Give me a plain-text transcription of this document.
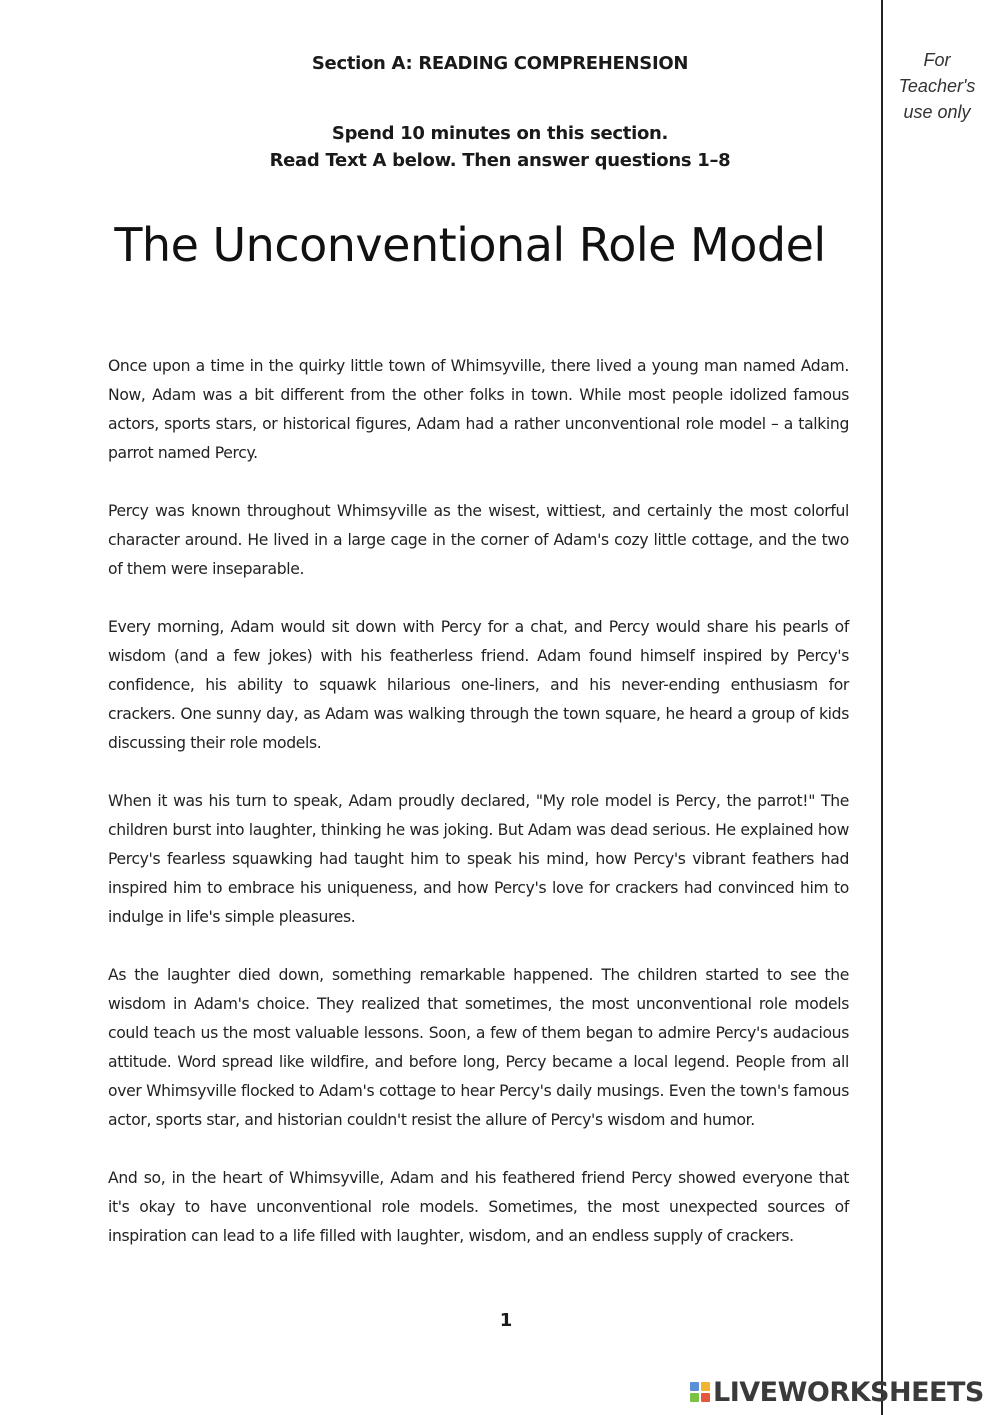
For
Teacher's
use only
Section A: READING COMPREHENSION
Spend 10 minutes on this section.
Read Text A below. Then answer questions 1–8
The Unconventional Role Model

Once upon a time in the quirky little town of Whimsyville, there lived a young man named Adam. Now, Adam was a bit different from the other folks in town. While most people idolized famous actors, sports stars, or historical figures, Adam had a rather unconventional role model – a talking parrot named Percy.

Percy was known throughout Whimsyville as the wisest, wittiest, and certainly the most colorful character around. He lived in a large cage in the corner of Adam's cozy little cottage, and the two of them were inseparable.

Every morning, Adam would sit down with Percy for a chat, and Percy would share his pearls of wisdom (and a few jokes) with his featherless friend. Adam found himself inspired by Percy's confidence, his ability to squawk hilarious one-liners, and his never-ending enthusiasm for crackers. One sunny day, as Adam was walking through the town square, he heard a group of kids discussing their role models.

When it was his turn to speak, Adam proudly declared, "My role model is Percy, the parrot!" The children burst into laughter, thinking he was joking. But Adam was dead serious. He explained how Percy's fearless squawking had taught him to speak his mind, how Percy's vibrant feathers had inspired him to embrace his uniqueness, and how Percy's love for crackers had convinced him to indulge in life's simple pleasures.

As the laughter died down, something remarkable happened. The children started to see the wisdom in Adam's choice. They realized that sometimes, the most unconventional role models could teach us the most valuable lessons. Soon, a few of them began to admire Percy's audacious attitude. Word spread like wildfire, and before long, Percy became a local legend. People from all over Whimsyville flocked to Adam's cottage to hear Percy's daily musings. Even the town's famous actor, sports star, and historian couldn't resist the allure of Percy's wisdom and humor.

And so, in the heart of Whimsyville, Adam and his feathered friend Percy showed everyone that it's okay to have unconventional role models. Sometimes, the most unexpected sources of inspiration can lead to a life filled with laughter, wisdom, and an endless supply of crackers.

1
LIVEWORKSHEETS
